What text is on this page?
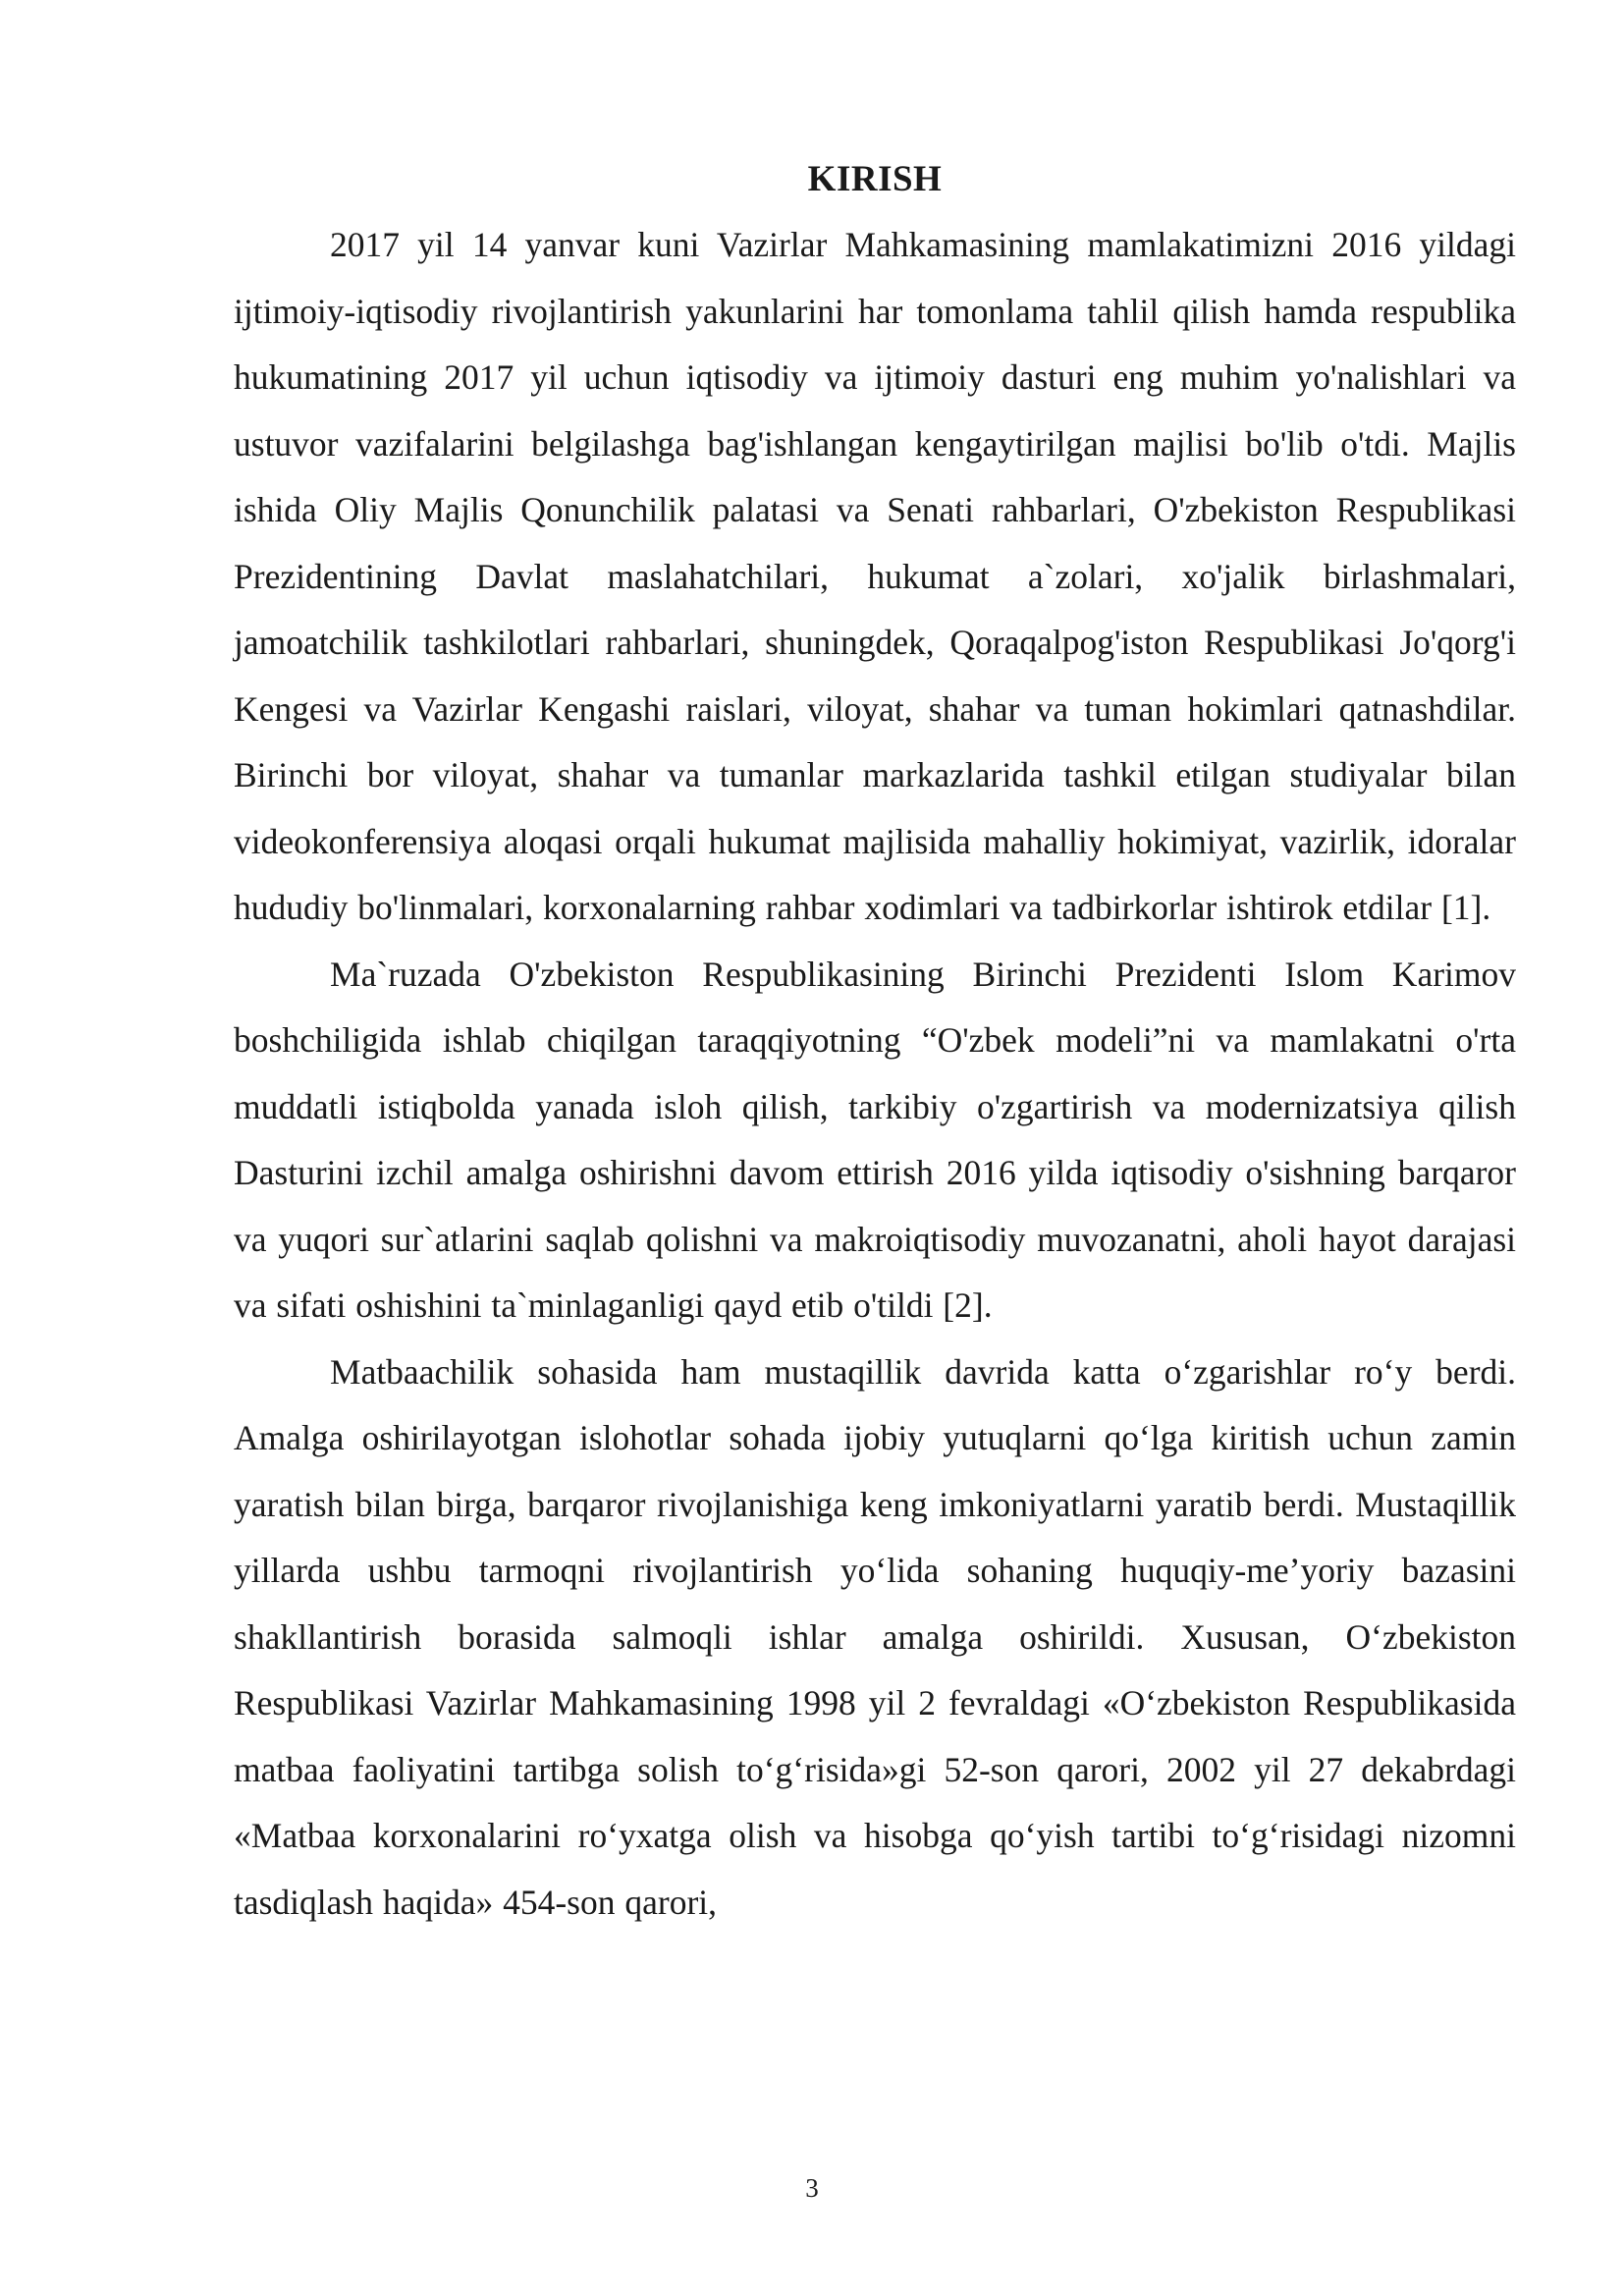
KIRISH

2017 yil 14 yanvar kuni Vazirlar Mahkamasining mamlakatimizni 2016 yildagi ijtimoiy-iqtisodiy rivojlantirish yakunlarini har tomonlama tahlil qilish hamda respublika hukumatining 2017 yil uchun iqtisodiy va ijtimoiy dasturi eng muhim yo'nalishlari va ustuvor vazifalarini belgilashga bag'ishlangan kengaytirilgan majlisi bo'lib o'tdi. Majlis ishida Oliy Majlis Qonunchilik palatasi va Senati rahbarlari, O'zbekiston Respublikasi Prezidentining Davlat maslahatchilari, hukumat a`zolari, xo'jalik birlashmalari, jamoatchilik tashkilotlari rahbarlari, shuningdek, Qoraqalpog'iston Respublikasi Jo'qorg'i Kengesi va Vazirlar Kengashi raislari, viloyat, shahar va tuman hokimlari qatnashdilar. Birinchi bor viloyat, shahar va tumanlar markazlarida tashkil etilgan studiyalar bilan videokonferensiya aloqasi orqali hukumat majlisida mahalliy hokimiyat, vazirlik, idoralar hududiy bo'linmalari, korxonalarning rahbar xodimlari va tadbirkorlar ishtirok etdilar [1].

Ma`ruzada O'zbekiston Respublikasining Birinchi Prezidenti Islom Karimov boshchiligida ishlab chiqilgan taraqqiyotning “O'zbek modeli”ni va mamlakatni o'rta muddatli istiqbolda yanada isloh qilish, tarkibiy o'zgartirish va modernizatsiya qilish Dasturini izchil amalga oshirishni davom ettirish 2016 yilda iqtisodiy o'sishning barqaror va yuqori sur`atlarini saqlab qolishni va makroiqtisodiy muvozanatni, aholi hayot darajasi va sifati oshishini ta`minlaganligi qayd etib o'tildi [2].

Matbaachilik sohasida ham mustaqillik davrida katta o‘zgarishlar ro‘y berdi. Amalga oshirilayotgan islohotlar sohada ijobiy yutuqlarni qo‘lga kiritish uchun zamin yaratish bilan birga, barqaror rivojlanishiga keng imkoniyatlarni yaratib berdi. Mustaqillik yillarda ushbu tarmoqni rivojlantirish yo‘lida sohaning huquqiy-me’yoriy bazasini shakllantirish borasida salmoqli ishlar amalga oshirildi. Xususan, O‘zbekiston Respublikasi Vazirlar Mahkamasining 1998 yil 2 fevraldagi «O‘zbekiston Respublikasida matbaa faoliyatini tartibga solish to‘g‘risida»gi 52-son qarori, 2002 yil 27 dekabrdagi «Matbaa korxonalarini ro‘yxatga olish va hisobga qo‘yish tartibi to‘g‘risidagi nizomni tasdiqlash haqida» 454-son qarori,

3
